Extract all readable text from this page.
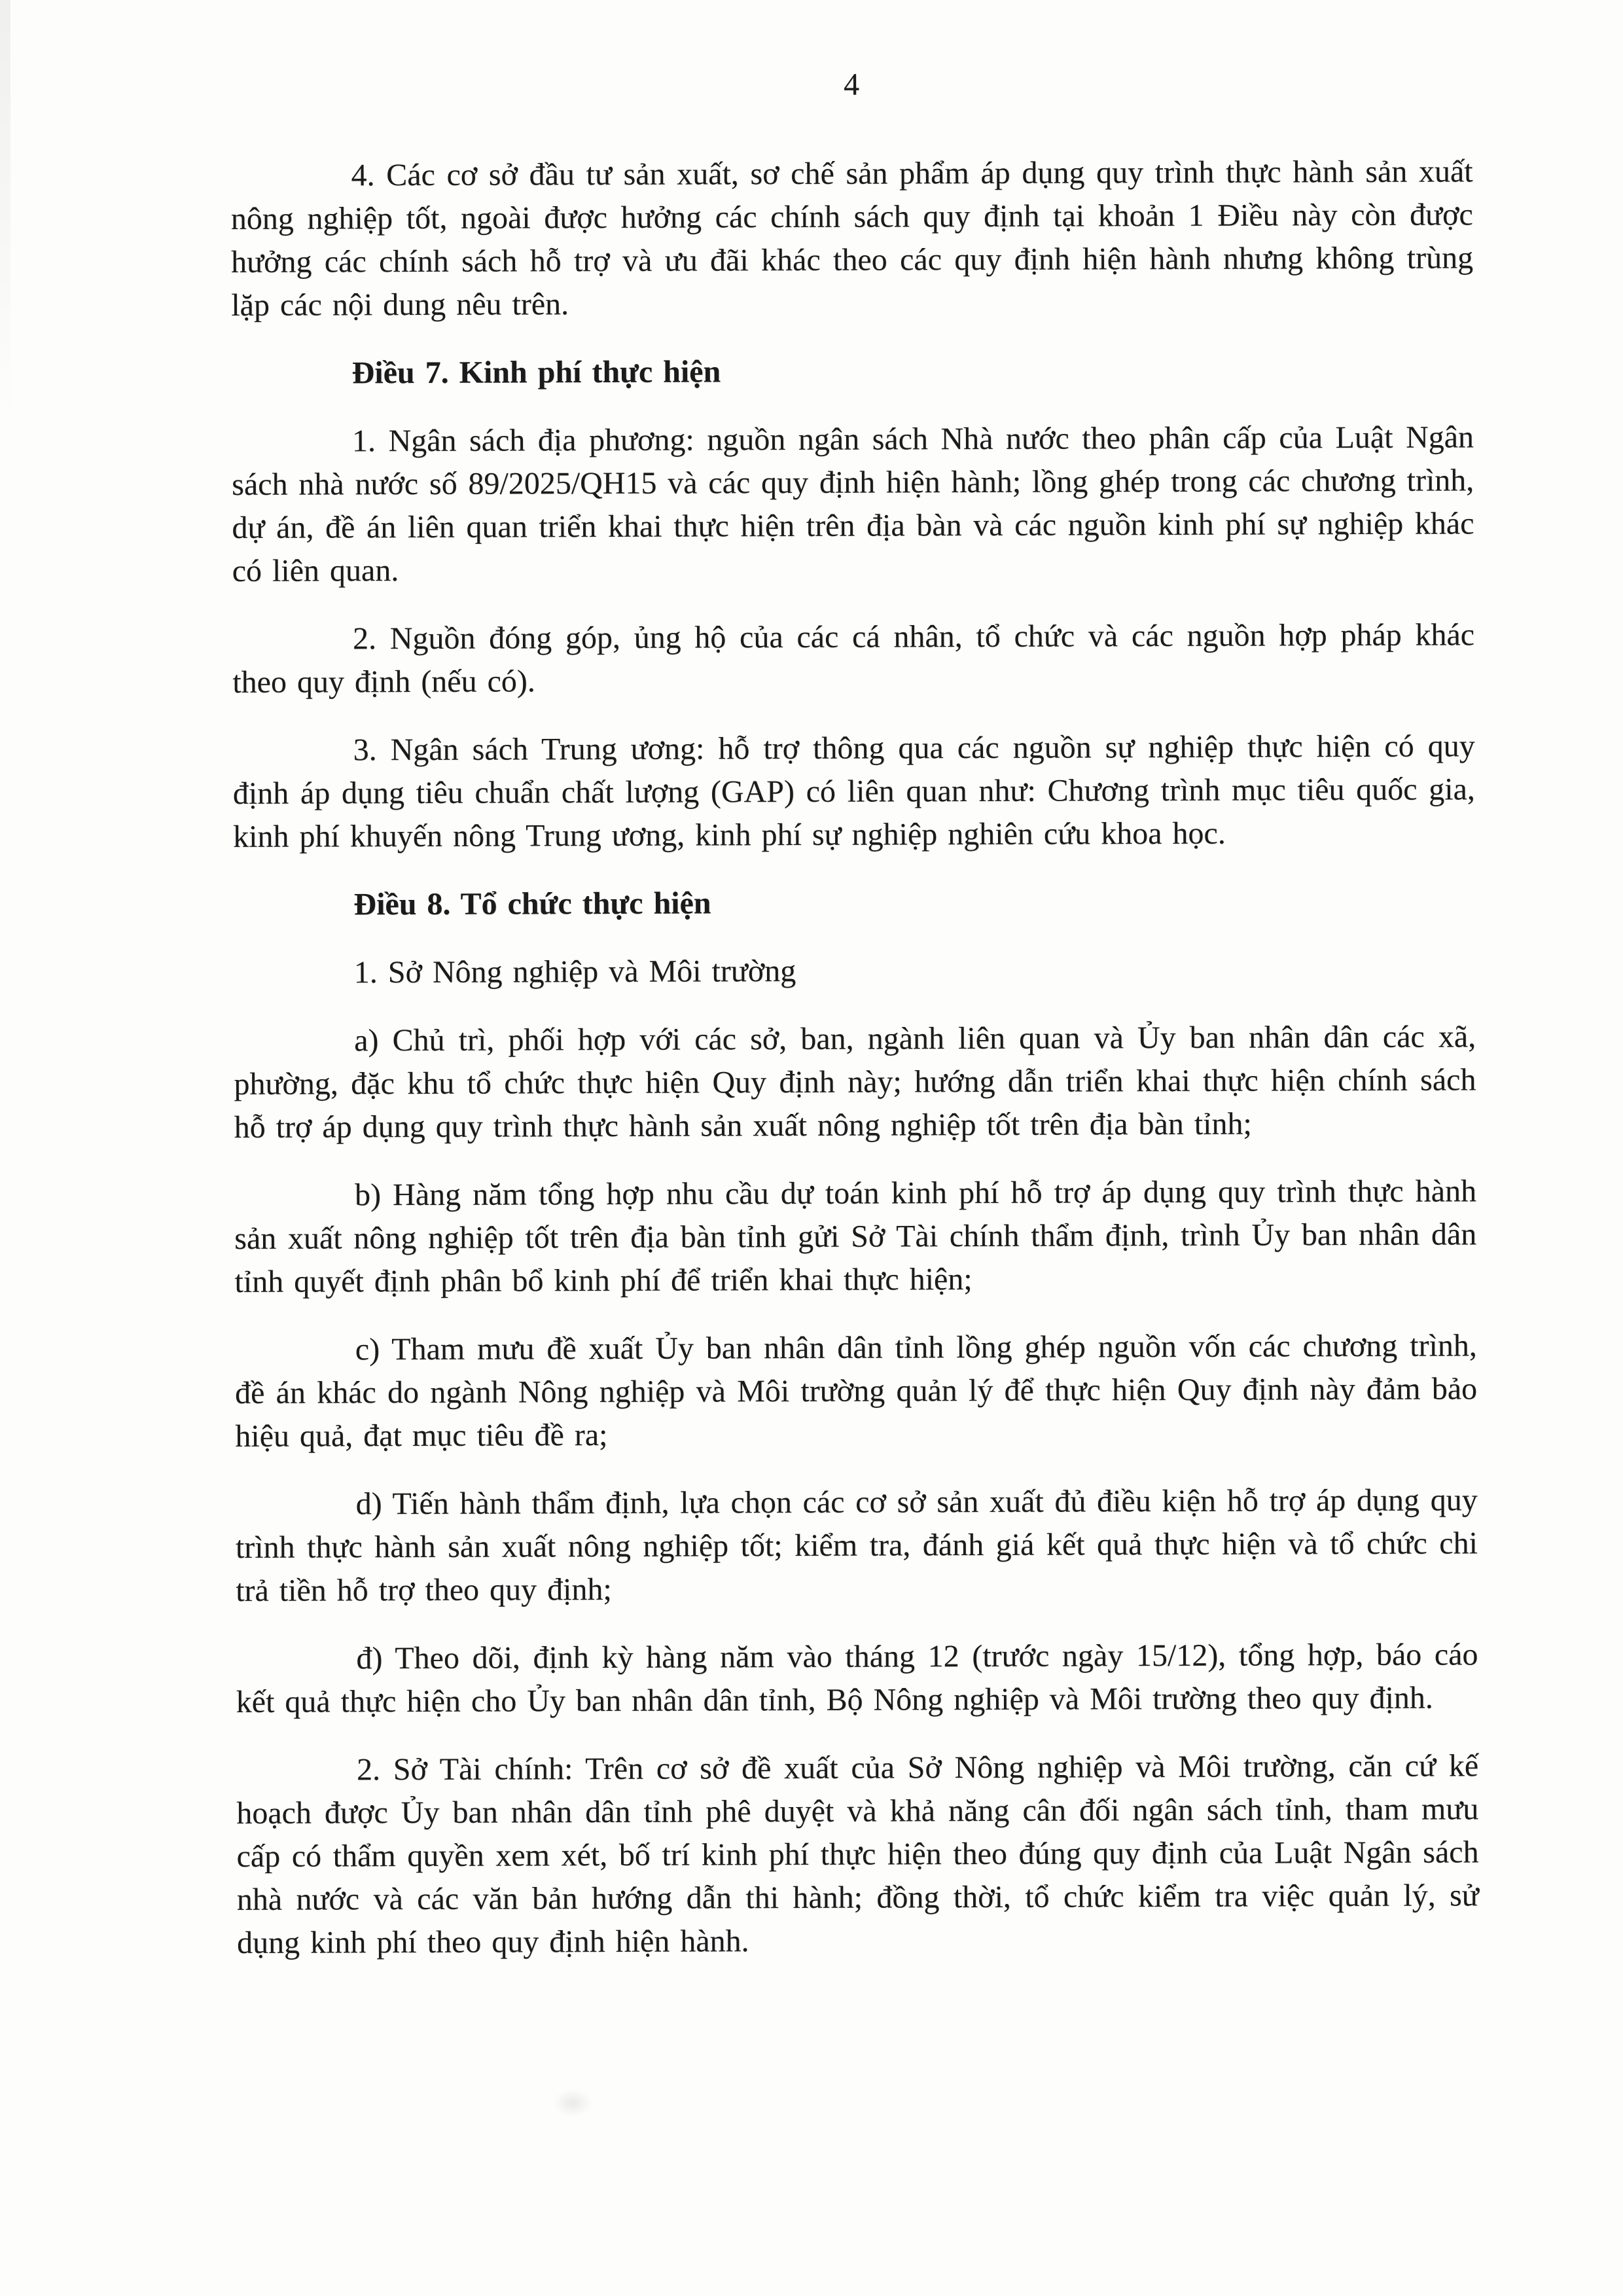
4

4. Các cơ sở đầu tư sản xuất, sơ chế sản phẩm áp dụng quy trình thực hành sản xuất nông nghiệp tốt, ngoài được hưởng các chính sách quy định tại khoản 1 Điều này còn được hưởng các chính sách hỗ trợ và ưu đãi khác theo các quy định hiện hành nhưng không trùng lặp các nội dung nêu trên.

Điều 7. Kinh phí thực hiện

1. Ngân sách địa phương: nguồn ngân sách Nhà nước theo phân cấp của Luật Ngân sách nhà nước số 89/2025/QH15 và các quy định hiện hành; lồng ghép trong các chương trình, dự án, đề án liên quan triển khai thực hiện trên địa bàn và các nguồn kinh phí sự nghiệp khác có liên quan.

2. Nguồn đóng góp, ủng hộ của các cá nhân, tổ chức và các nguồn hợp pháp khác theo quy định (nếu có).

3. Ngân sách Trung ương: hỗ trợ thông qua các nguồn sự nghiệp thực hiện có quy định áp dụng tiêu chuẩn chất lượng (GAP) có liên quan như: Chương trình mục tiêu quốc gia, kinh phí khuyến nông Trung ương, kinh phí sự nghiệp nghiên cứu khoa học.

Điều 8. Tổ chức thực hiện

1. Sở Nông nghiệp và Môi trường

a) Chủ trì, phối hợp với các sở, ban, ngành liên quan và Ủy ban nhân dân các xã, phường, đặc khu tổ chức thực hiện Quy định này; hướng dẫn triển khai thực hiện chính sách hỗ trợ áp dụng quy trình thực hành sản xuất nông nghiệp tốt trên địa bàn tỉnh;

b) Hàng năm tổng hợp nhu cầu dự toán kinh phí hỗ trợ áp dụng quy trình thực hành sản xuất nông nghiệp tốt trên địa bàn tỉnh gửi Sở Tài chính thẩm định, trình Ủy ban nhân dân tỉnh quyết định phân bổ kinh phí để triển khai thực hiện;

c) Tham mưu đề xuất Ủy ban nhân dân tỉnh lồng ghép nguồn vốn các chương trình, đề án khác do ngành Nông nghiệp và Môi trường quản lý để thực hiện Quy định này đảm bảo hiệu quả, đạt mục tiêu đề ra;

d) Tiến hành thẩm định, lựa chọn các cơ sở sản xuất đủ điều kiện hỗ trợ áp dụng quy trình thực hành sản xuất nông nghiệp tốt; kiểm tra, đánh giá kết quả thực hiện và tổ chức chi trả tiền hỗ trợ theo quy định;

đ) Theo dõi, định kỳ hàng năm vào tháng 12 (trước ngày 15/12), tổng hợp, báo cáo kết quả thực hiện cho Ủy ban nhân dân tỉnh, Bộ Nông nghiệp và Môi trường theo quy định.

2. Sở Tài chính: Trên cơ sở đề xuất của Sở Nông nghiệp và Môi trường, căn cứ kế hoạch được Ủy ban nhân dân tỉnh phê duyệt và khả năng cân đối ngân sách tỉnh, tham mưu cấp có thẩm quyền xem xét, bố trí kinh phí thực hiện theo đúng quy định của Luật Ngân sách nhà nước và các văn bản hướng dẫn thi hành; đồng thời, tổ chức kiểm tra việc quản lý, sử dụng kinh phí theo quy định hiện hành.
